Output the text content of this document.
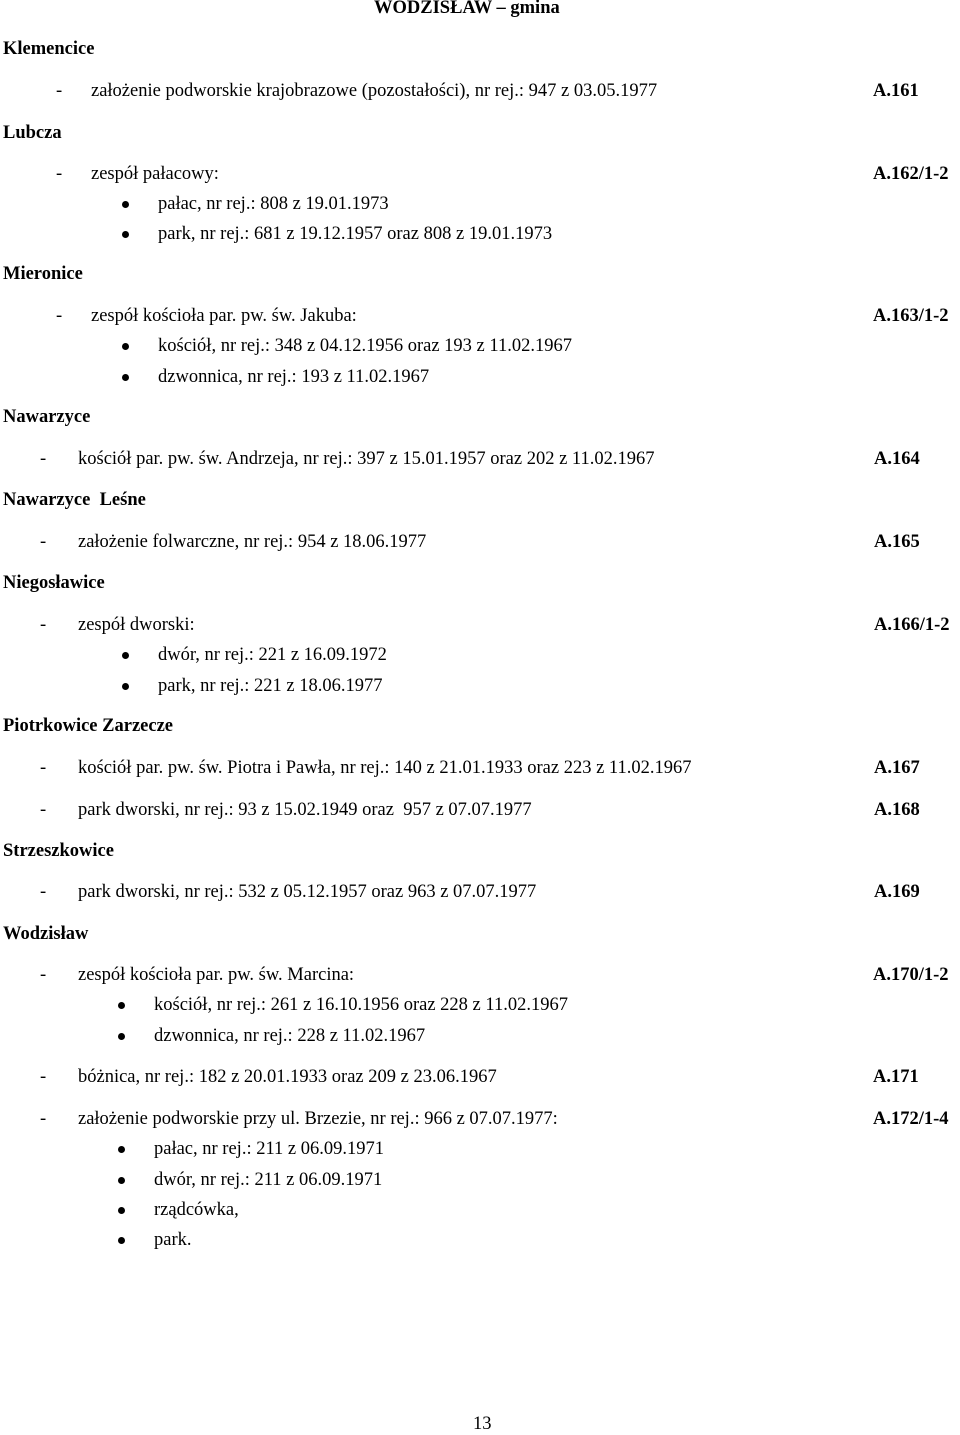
WODZISŁAW – gmina
Klemencice
- założenie podworskie krajobrazowe (pozostałości), nr rej.: 947 z 03.05.1977	A.161
Lubcza
- zespół pałacowy:	A.162/1-2
pałac, nr rej.: 808 z 19.01.1973
park, nr rej.: 681 z 19.12.1957 oraz 808 z 19.01.1973
Mieronice
- zespół kościoła par. pw. św. Jakuba:	A.163/1-2
kościół, nr rej.: 348 z 04.12.1956 oraz 193 z 11.02.1967
dzwonnica, nr rej.: 193 z 11.02.1967
Nawarzyce
- kościół par. pw. św. Andrzeja, nr rej.: 397 z 15.01.1957 oraz 202 z 11.02.1967	A.164
Nawarzyce  Leśne
- założenie folwarczne, nr rej.: 954 z 18.06.1977	A.165
Niegosławice
- zespół dworski:	A.166/1-2
dwór, nr rej.: 221 z 16.09.1972
park, nr rej.: 221 z 18.06.1977
Piotrkowice Zarzecze
- kościół par. pw. św. Piotra i Pawła, nr rej.: 140 z 21.01.1933 oraz 223 z 11.02.1967	A.167
- park dworski, nr rej.: 93 z 15.02.1949 oraz  957 z 07.07.1977	A.168
Strzeszkowice
- park dworski, nr rej.: 532 z 05.12.1957 oraz 963 z 07.07.1977	A.169
Wodzisław
- zespół kościoła par. pw. św. Marcina:	A.170/1-2
kościół, nr rej.: 261 z 16.10.1956 oraz 228 z 11.02.1967
dzwonnica, nr rej.: 228 z 11.02.1967
- bóżnica, nr rej.: 182 z 20.01.1933 oraz 209 z 23.06.1967	A.171
- założenie podworskie przy ul. Brzezie, nr rej.: 966 z 07.07.1977:	A.172/1-4
pałac, nr rej.: 211 z 06.09.1971
dwór, nr rej.: 211 z 06.09.1971
rządcówka,
park.
13
